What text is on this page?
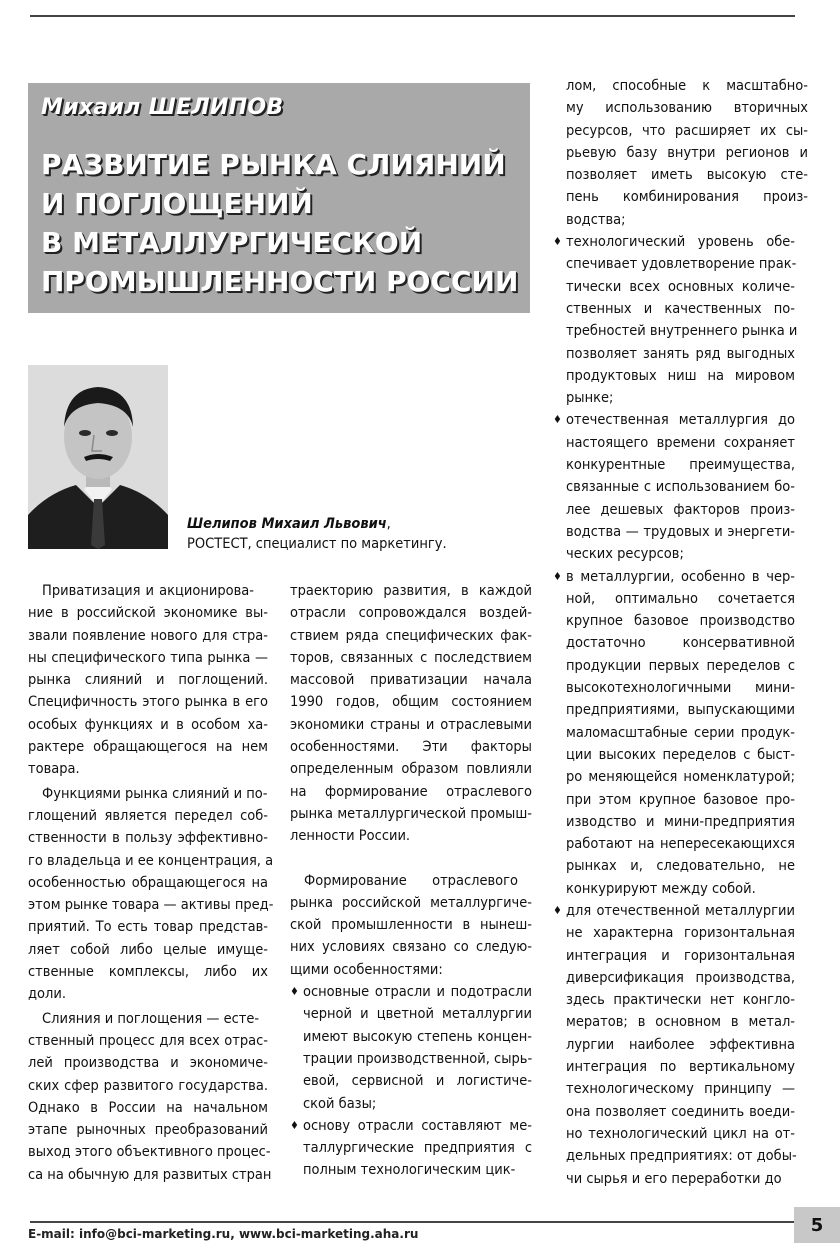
Михаил ШЕЛИПОВ
РАЗВИТИЕ РЫНКА СЛИЯНИЙ
И ПОГЛОЩЕНИЙ
В МЕТАЛЛУРГИЧЕСКОЙ
ПРОМЫШЛЕННОСТИ РОССИИ
Шелипов Михаил Львович,
РОСТЕСТ, специалист по маркетингу.

Приватизация и акционирова-
ние в российской экономике вы-
звали появление нового для стра-
ны специфического типа рынка —
рынка слияний и поглощений.
Специфичность этого рынка в его
особых функциях и в особом ха-
рактере обращающегося на нем
товара.

Функциями рынка слияний и по-
глощений является передел соб-
ственности в пользу эффективно-
го владельца и ее концентрация, а
особенностью обращающегося на
этом рынке товара — активы пред-
приятий. То есть товар представ-
ляет собой либо целые имуще-
ственные комплексы, либо их
доли.

Слияния и поглощения — есте-
ственный процесс для всех отрас-
лей производства и экономиче-
ских сфер развитого государства.
Однако в России на начальном
этапе рыночных преобразований
выход этого объективного процес-
са на обычную для развитых стран

траекторию развития, в каждой
отрасли сопровождался воздей-
ствием ряда специфических фак-
торов, связанных с последствием
массовой приватизации начала
1990 годов, общим состоянием
экономики страны и отраслевыми
особенностями. Эти факторы
определенным образом повлияли
на формирование отраслевого
рынка металлургической промыш-
ленности России.

Формирование отраслевого
рынка российской металлургиче-
ской промышленности в нынеш-
них условиях связано со следую-
щими особенностями:

♦ основные отрасли и подотрасли
черной и цветной металлургии
имеют высокую степень концен-
трации производственной, сырь-
евой, сервисной и логистиче-
ской базы;

♦ основу отрасли составляют ме-
таллургические предприятия с
полным технологическим цик-

лом, способные к масштабно-
му использованию вторичных
ресурсов, что расширяет их сы-
рьевую базу внутри регионов и
позволяет иметь высокую сте-
пень комбинирования произ-
водства;

♦ технологический уровень обе-
спечивает удовлетворение прак-
тически всех основных количе-
ственных и качественных по-
требностей внутреннего рынка и
позволяет занять ряд выгодных
продуктовых ниш на мировом
рынке;

♦ отечественная металлургия до
настоящего времени сохраняет
конкурентные преимущества,
связанные с использованием бо-
лее дешевых факторов произ-
водства — трудовых и энергети-
ческих ресурсов;

♦ в металлургии, особенно в чер-
ной, оптимально сочетается
крупное базовое производство
достаточно консервативной
продукции первых переделов с
высокотехнологичными мини-
предприятиями, выпускающими
маломасштабные серии продук-
ции высоких переделов с быст-
ро меняющейся номенклатурой;
при этом крупное базовое про-
изводство и мини-предприятия
работают на непересекающихся
рынках и, следовательно, не
конкурируют между собой.

♦ для отечественной металлургии
не характерна горизонтальная
интеграция и горизонтальная
диверсификация производства,
здесь практически нет конгло-
мератов; в основном в метал-
лургии наиболее эффективна
интеграция по вертикальному
технологическому принципу —
она позволяет соединить воеди-
но технологический цикл на от-
дельных предприятиях: от добы-
чи сырья и его переработки до

E-mail: info@bci-marketing.ru, www.bci-marketing.aha.ru	5
